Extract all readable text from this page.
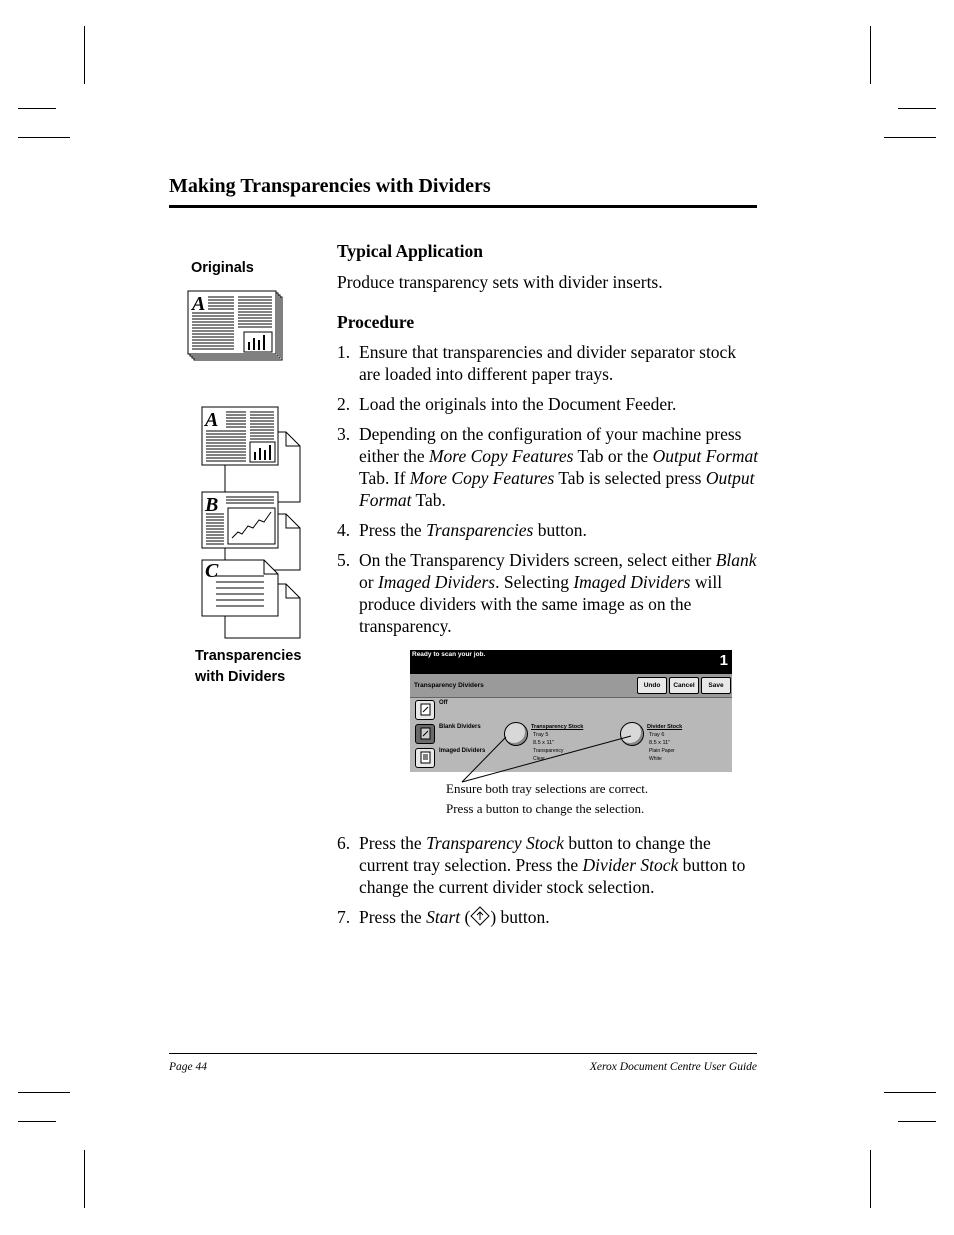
Making Transparencies with Dividers
Originals
A
A
B
C
Transparencies
with Dividers
Typical Application

Produce transparency sets with divider inserts.

Procedure
1. Ensure that transparencies and divider separator stock are loaded into different paper trays.
2. Load the originals into the Document Feeder.
3. Depending on the configuration of your machine press either the More Copy Features Tab or the Output Format Tab. If More Copy Features Tab is selected press Output Format Tab.
4. Press the Transparencies button.
5. On the Transparency Dividers screen, select either Blank or Imaged Dividers. Selecting Imaged Dividers will produce dividers with the same image as on the transparency.
Ready to scan your job.	1
Transparency Dividers	Undo	Cancel	Save
Off
Blank Dividers
Imaged Dividers
Transparency Stock
Tray 5
8.5 x 11"
Transparency
Clear
Divider Stock
Tray 6
8.5 x 11"
Plain Paper
White
Ensure both tray selections are correct.
Press a button to change the selection.
6. Press the Transparency Stock button to change the current tray selection. Press the Divider Stock button to change the current divider stock selection.
7. Press the Start ( ) button.
Page 44	Xerox Document Centre User Guide
